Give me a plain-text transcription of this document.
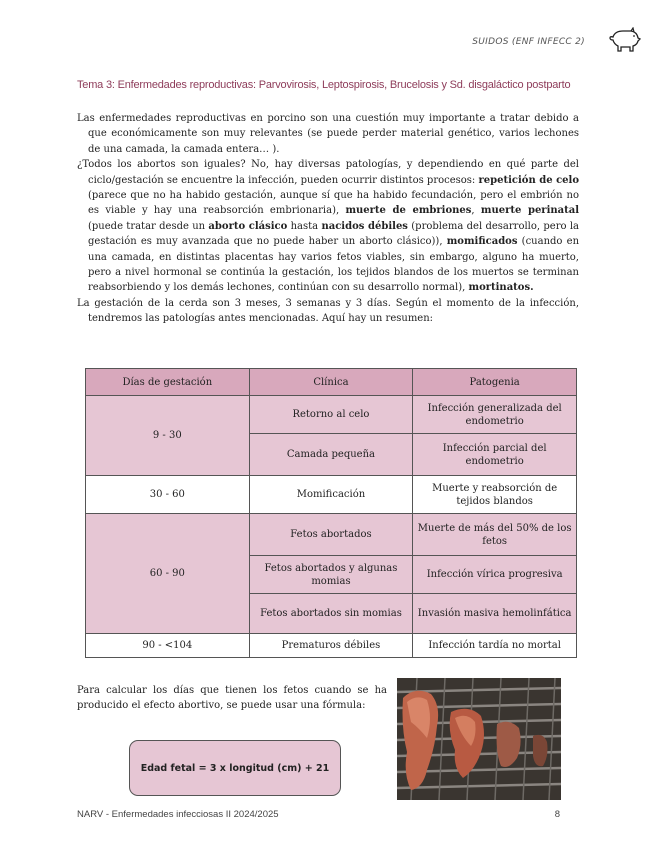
SUIDOS (ENF INFECC 2)
Tema 3: Enfermedades reproductivas: Parvovirosis, Leptospirosis, Brucelosis y Sd. disgaláctico postparto

Las enfermedades reproductivas en porcino son una cuestión muy importante a tratar debido a que económicamente son muy relevantes (se puede perder material genético, varios lechones de una camada, la camada entera… ).

¿Todos los abortos son iguales? No, hay diversas patologías, y dependiendo en qué parte del ciclo/gestación se encuentre la infección, pueden ocurrir distintos procesos: repetición de celo (parece que no ha habido gestación, aunque sí que ha habido fecundación, pero el embrión no es viable y hay una reabsorción embrionaria), muerte de embriones, muerte perinatal (puede tratar desde un aborto clásico hasta nacidos débiles (problema del desarrollo, pero la gestación es muy avanzada que no puede haber un aborto clásico)), momificados (cuando en una camada, en distintas placentas hay varios fetos viables, sin embargo, alguno ha muerto, pero a nivel hormonal se continúa la gestación, los tejidos blandos de los muertos se terminan reabsorbiendo y los demás lechones, continúan con su desarrollo normal), mortinatos.

La gestación de la cerda son 3 meses, 3 semanas y 3 días. Según el momento de la infección, tendremos las patologías antes mencionadas. Aquí hay un resumen:

Días de gestación	Clínica	Patogenia
9 - 30	Retorno al celo	Infección generalizada del endometrio
	Camada pequeña	Infección parcial del endometrio
30 - 60	Momificación	Muerte y reabsorción de tejidos blandos
60 - 90	Fetos abortados	Muerte de más del 50% de los fetos
	Fetos abortados y algunas momias	Infección vírica progresiva
	Fetos abortados sin momias	Invasión masiva hemolinfática
90 - <104	Prematuros débiles	Infección tardía no mortal
Para calcular los días que tienen los fetos cuando se ha producido el efecto abortivo, se puede usar una fórmula:
Edad fetal = 3 x longitud (cm) + 21
NARV - Enfermedades infecciosas II 2024/2025	8
